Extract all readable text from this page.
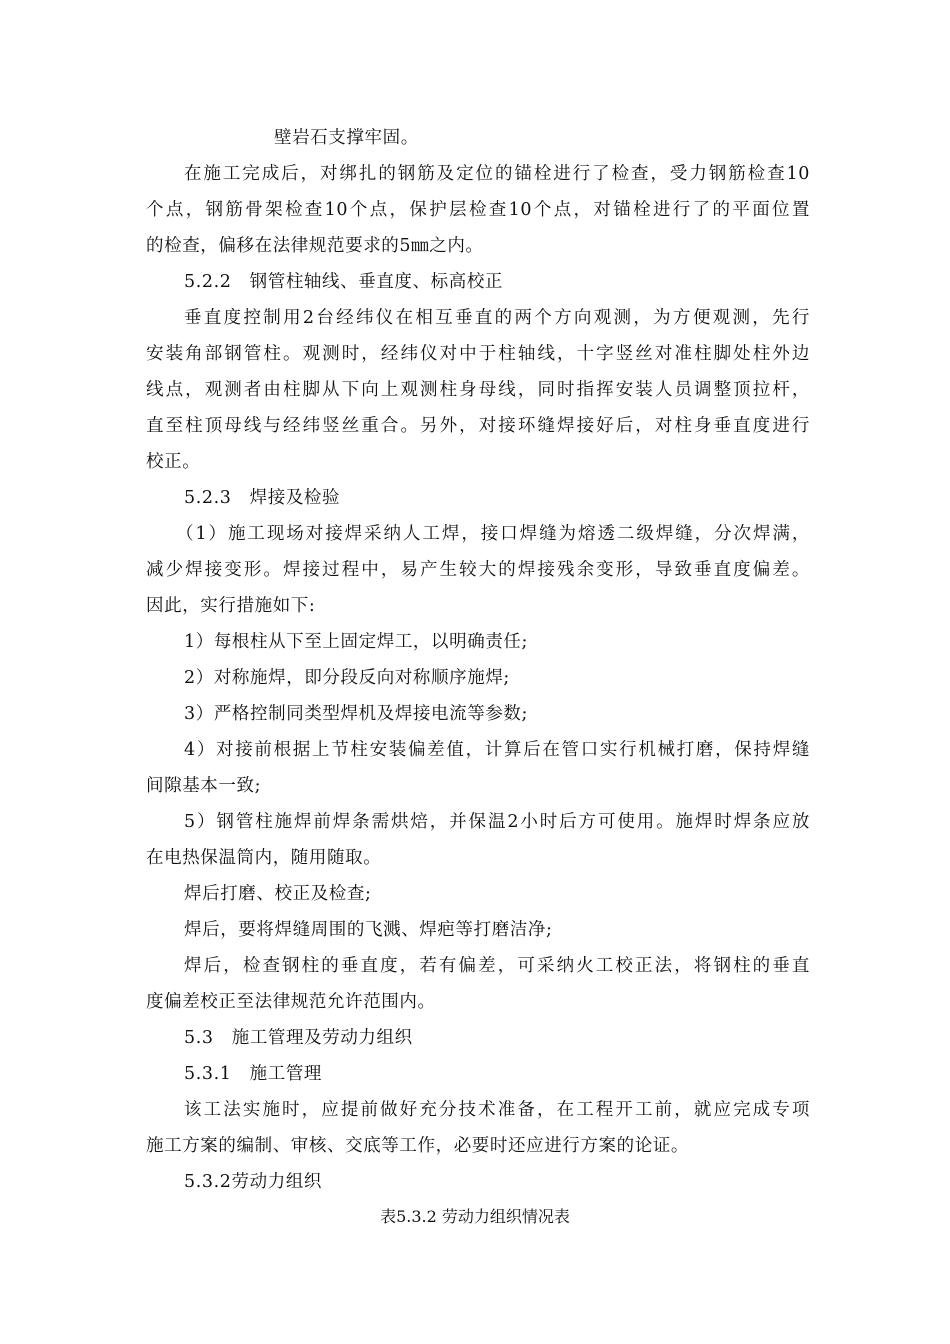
壁岩石支撑牢固。
在施工完成后，对绑扎的钢筋及定位的锚栓进行了检查，受力钢筋检查10
个点，钢筋骨架检查10个点，保护层检查10个点，对锚栓进行了的平面位置
的检查，偏移在法律规范要求的5㎜之内。
5.2.2　钢管柱轴线、垂直度、标高校正
垂直度控制用2台经纬仪在相互垂直的两个方向观测，为方便观测，先行
安装角部钢管柱。观测时，经纬仪对中于柱轴线，十字竖丝对准柱脚处柱外边
线点，观测者由柱脚从下向上观测柱身母线，同时指挥安装人员调整顶拉杆，
直至柱顶母线与经纬竖丝重合。另外，对接环缝焊接好后，对柱身垂直度进行
校正。
5.2.3　焊接及检验
（1）施工现场对接焊采纳人工焊，接口焊缝为熔透二级焊缝，分次焊满，
减少焊接变形。焊接过程中，易产生较大的焊接残余变形，导致垂直度偏差。
因此，实行措施如下:
1）每根柱从下至上固定焊工，以明确责任;
2）对称施焊，即分段反向对称顺序施焊;
3）严格控制同类型焊机及焊接电流等参数;
4）对接前根据上节柱安装偏差值，计算后在管口实行机械打磨，保持焊缝
间隙基本一致;
5）钢管柱施焊前焊条需烘焙，并保温2小时后方可使用。施焊时焊条应放
在电热保温筒内，随用随取。
焊后打磨、校正及检查;
焊后，要将焊缝周围的飞溅、焊疤等打磨洁净;
焊后，检查钢柱的垂直度，若有偏差，可采纳火工校正法，将钢柱的垂直
度偏差校正至法律规范允许范围内。
5.3　施工管理及劳动力组织
5.3.1　施工管理
该工法实施时，应提前做好充分技术准备，在工程开工前，就应完成专项
施工方案的编制、审核、交底等工作，必要时还应进行方案的论证。
5.3.2劳动力组织
表5.3.2 劳动力组织情况表
